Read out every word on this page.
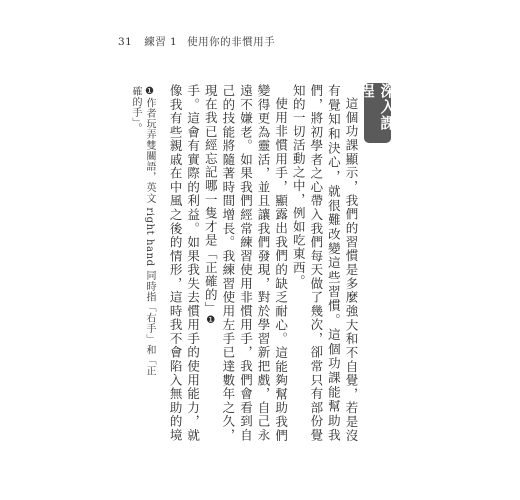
31 練習 1 使用你的非慣用手
深入課程

這個功課顯示，我們的習慣是多麼強大和不自覺，若是沒有覺知和決心，就很難改變這些習慣。這個功課能幫助我們，將初學者之心帶入我們每天做了幾次，卻常只有部份覺知的一切活動之中，例如吃東西。

使用非慣用手，顯露出我們的缺乏耐心。這能夠幫助我們變得更為靈活，並且讓我們發現，對於學習新把戲，自己永遠不嫌老。如果我們經常練習使用非慣用手，我們會看到自己的技能將隨著時間增長。我練習使用左手已達數年之久，現在我已經忘記哪一隻才是「正確的」❶

手。這會有實際的利益。如果我失去慣用手的使用能力，就像我有些親戚在中風之後的情形，這時我不會陷入無助的境

❶作者玩弄雙關語，英文 right hand 同時指「右手」和「正確的手」。
